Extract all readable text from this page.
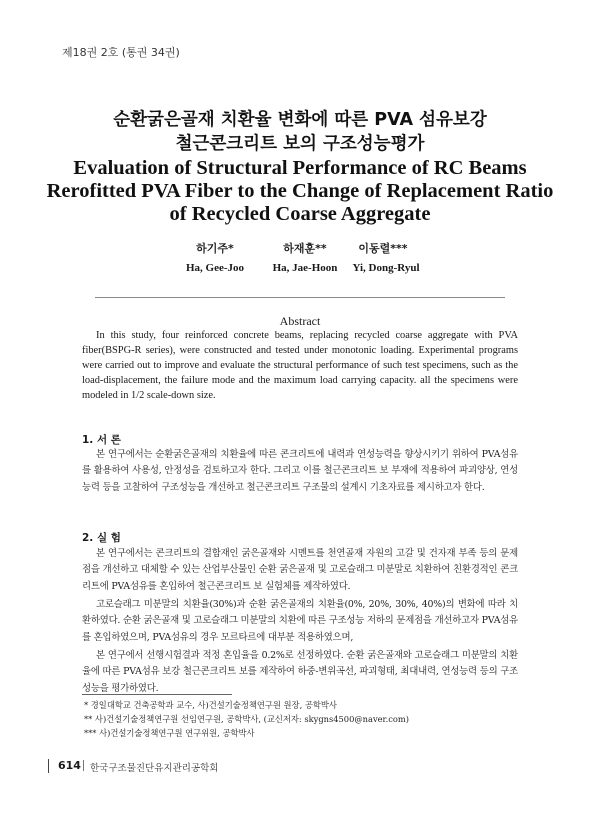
제18권 2호 (통권 34권)
순환굵은골재 치환율 변화에 따른 PVA 섬유보강
철근콘크리트 보의 구조성능평가
Evaluation of Structural Performance of RC Beams
Rerofitted PVA Fiber to the Change of Replacement Ratio
of Recycled Coarse Aggregate
하기주*	하재훈**	이동렬***
Ha, Gee-Joo	Ha, Jae-Hoon	Yi, Dong-Ryul
Abstract
In this study, four reinforced concrete beams, replacing recycled coarse aggregate with PVA fiber(BSPG-R series), were constructed and tested under monotonic loading. Experimental programs were carried out to improve and evaluate the structural performance of such test specimens, such as the load-displacement, the failure mode and the maximum load carrying capacity. all the specimens were modeled in 1/2 scale-down size.
1. 서 론
본 연구에서는 순환굵은골재의 치환율에 따른 콘크리트에 내력과 연성능력을 향상시키기 위하여 PVA섬유를 활용하여 사용성, 안정성을 검토하고자 한다. 그리고 이를 철근콘크리트 보 부재에 적용하여 파괴양상, 연성능력 등을 고찰하여 구조성능을 개선하고 철근콘크리트 구조물의 설계시 기초자료를 제시하고자 한다.
2. 실 험
본 연구에서는 콘크리트의 결합재인 굵은골재와 시멘트를 천연골재 자원의 고갈 및 건자재 부족 등의 문제점을 개선하고 대체할 수 있는 산업부산물인 순환 굵은골재 및 고로슬래그 미분말로 치환하여 친환경적인 콘크리트에 PVA섬유를 혼입하여 철근콘크리트 보 실험체를 제작하였다.
고로슬래그 미분말의 치환율(30%)과 순환 굵은골재의 치환율(0%, 20%, 30%, 40%)의 변화에 따라 치환하였다. 순환 굵은골재 및 고로슬래그 미분말의 치환에 따른 구조성능 저하의 문제점을 개선하고자 PVA섬유를 혼입하였으며, PVA섬유의 경우 모르타르에 대부분 적용하였으며,
본 연구에서 선행시험결과 적정 혼입율을 0.2%로 선정하였다. 순환 굵은골재와 고로슬래그 미분말의 치환율에 따른 PVA섬유 보강 철근콘크리트 보를 제작하여 하중-변위곡선, 파괴형태, 최대내력, 연성능력 등의 구조성능을 평가하였다.
* 경일대학교 건축공학과 교수, 사)건설기술정책연구원 원장, 공학박사
** 사)건설기술정책연구원 선임연구원, 공학박사, (교신저자: skygns4500@naver.com)
*** 사)건설기술정책연구원 연구위원, 공학박사
614 한국구조물진단유지관리공학회
